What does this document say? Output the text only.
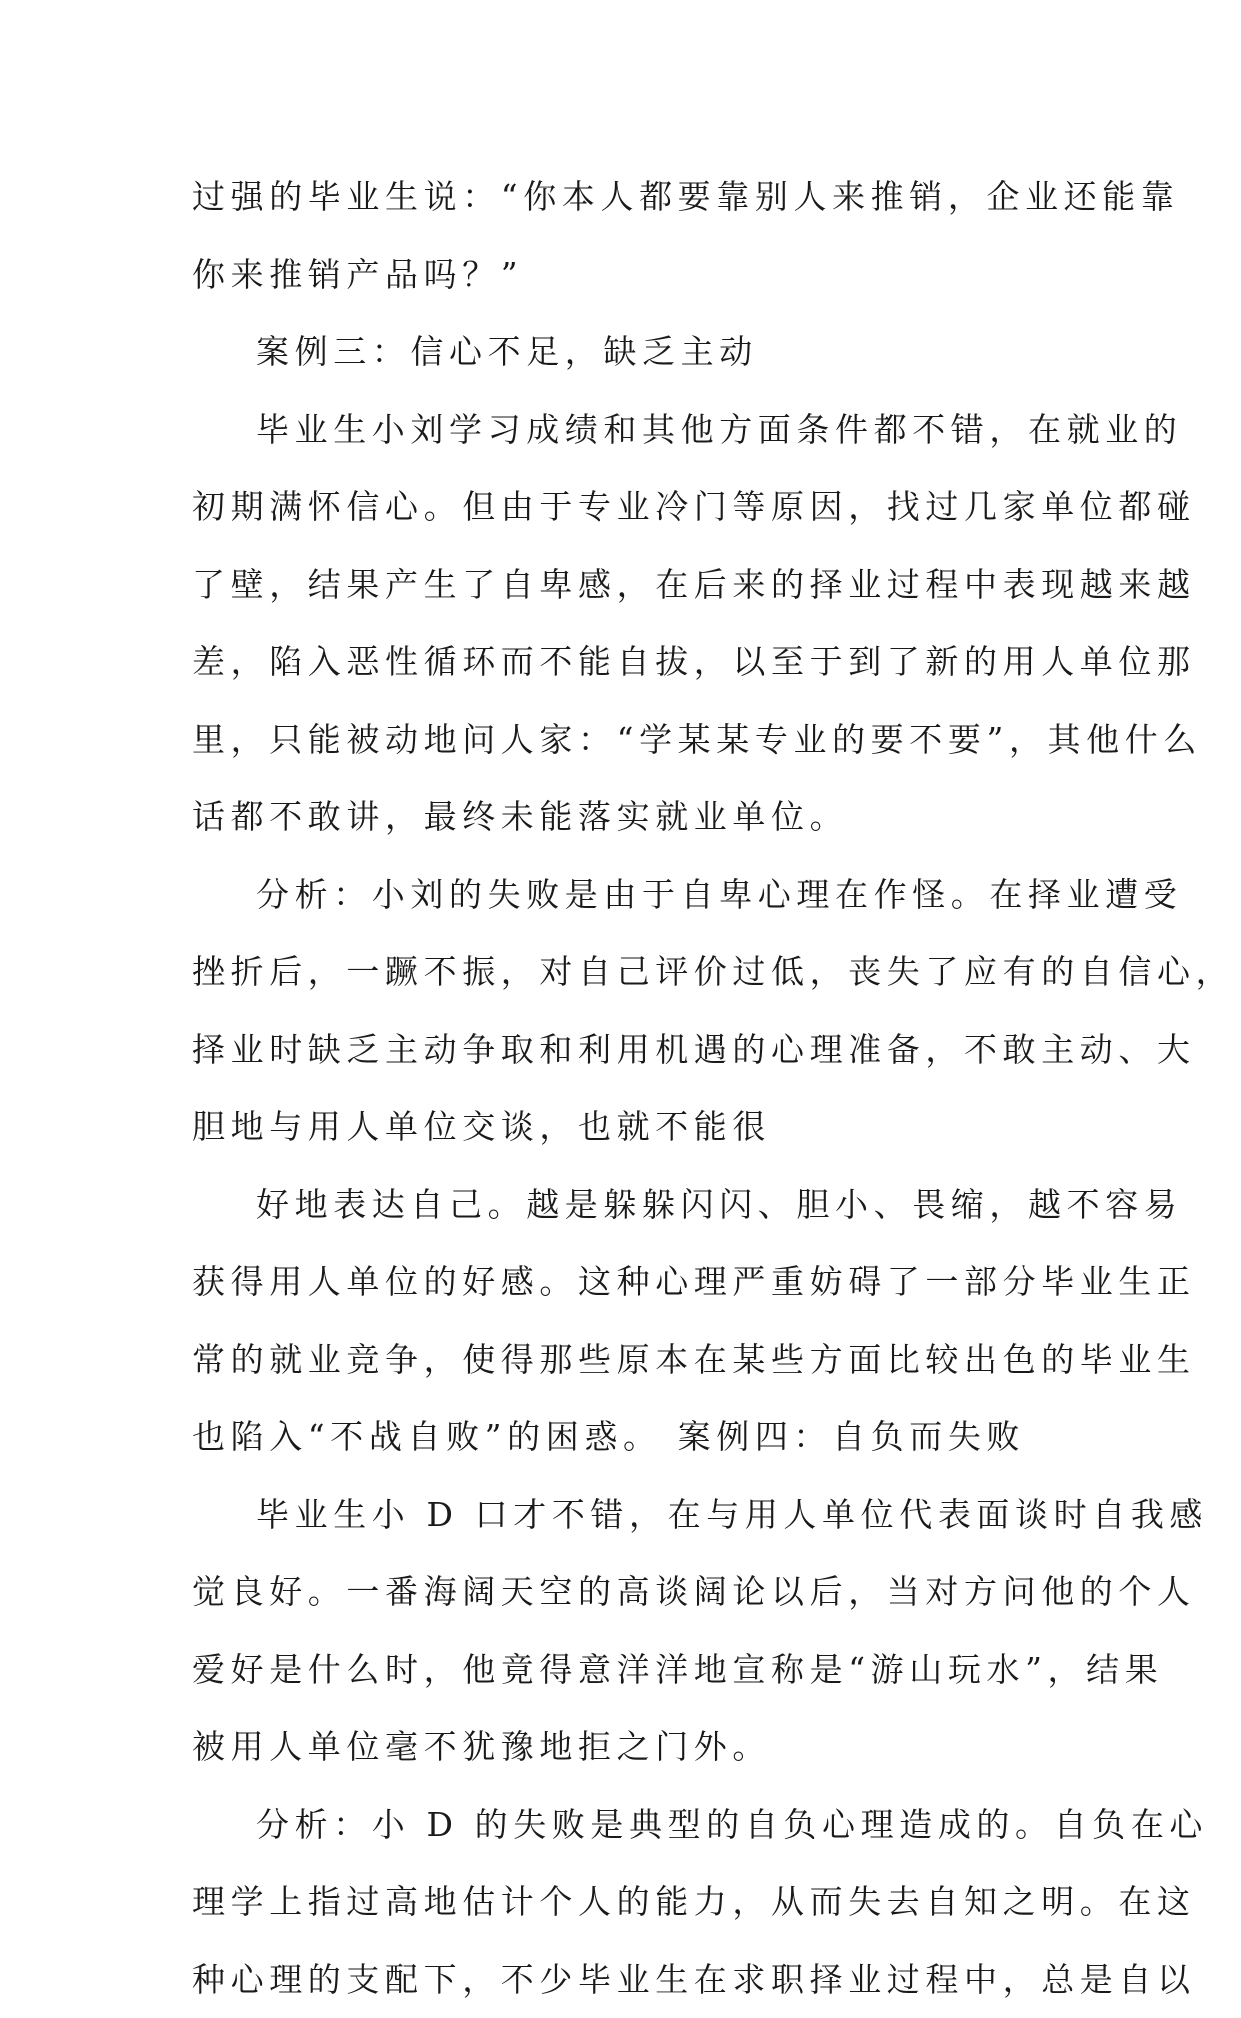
过强的毕业生说：“你本人都要靠别人来推销，企业还能靠
你来推销产品吗？”
案例三：信心不足，缺乏主动
毕业生小刘学习成绩和其他方面条件都不错，在就业的
初期满怀信心。但由于专业冷门等原因，找过几家单位都碰
了壁，结果产生了自卑感，在后来的择业过程中表现越来越
差，陷入恶性循环而不能自拔，以至于到了新的用人单位那
里，只能被动地问人家：“学某某专业的要不要”，其他什么
话都不敢讲，最终未能落实就业单位。
分析：小刘的失败是由于自卑心理在作怪。在择业遭受
挫折后，一蹶不振，对自己评价过低，丧失了应有的自信心，
择业时缺乏主动争取和利用机遇的心理准备，不敢主动、大
胆地与用人单位交谈，也就不能很
好地表达自己。越是躲躲闪闪、胆小、畏缩，越不容易
获得用人单位的好感。这种心理严重妨碍了一部分毕业生正
常的就业竞争，使得那些原本在某些方面比较出色的毕业生
也陷入“不战自败”的困惑。 案例四：自负而失败
毕业生小 D 口才不错，在与用人单位代表面谈时自我感
觉良好。一番海阔天空的高谈阔论以后，当对方问他的个人
爱好是什么时，他竟得意洋洋地宣称是“游山玩水”，结果
被用人单位毫不犹豫地拒之门外。
分析：小 D 的失败是典型的自负心理造成的。自负在心
理学上指过高地估计个人的能力，从而失去自知之明。在这
种心理的支配下，不少毕业生在求职择业过程中，总是自以
